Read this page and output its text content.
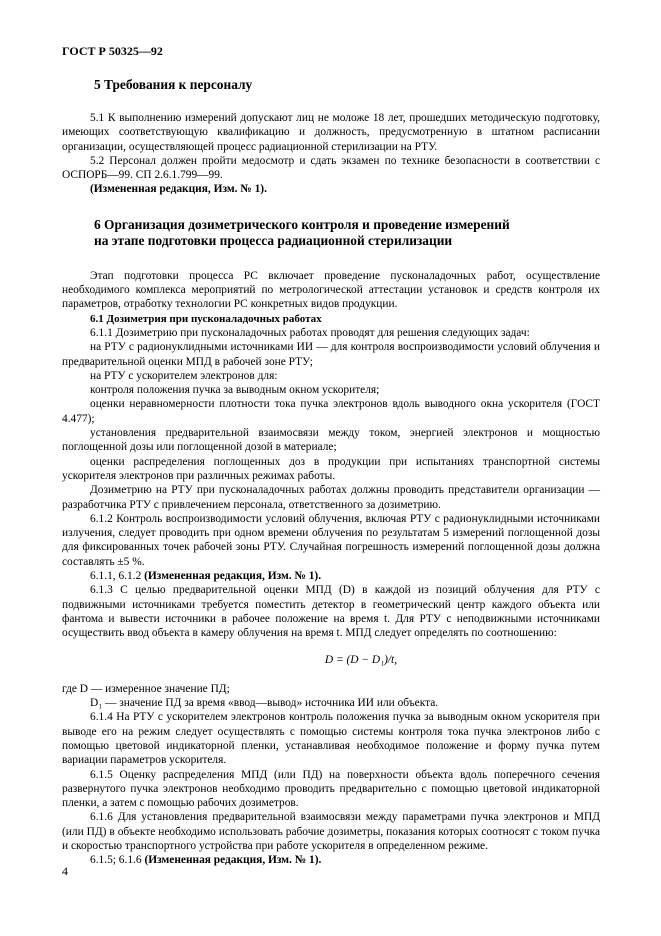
ГОСТ Р 50325—92
5 Требования к персоналу

5.1 К выполнению измерений допускают лиц не моложе 18 лет, прошедших методическую подготовку, имеющих соответствующую квалификацию и должность, предусмотренную в штатном расписании организации, осуществляющей процесс радиационной стерилизации на РТУ.

5.2 Персонал должен пройти медосмотр и сдать экзамен по технике безопасности в соответствии с ОСПОРБ—99. СП 2.6.1.799—99.

(Измененная редакция, Изм. № 1).

6 Организация дозиметрического контроля и проведение измерений
на этапе подготовки процесса радиационной стерилизации

Этап подготовки процесса РС включает проведение пусконаладочных работ, осуществление необходимого комплекса мероприятий по метрологической аттестации установок и средств контроля их параметров, отработку технологии РС конкретных видов продукции.

6.1 Дозиметрия при пусконаладочных работах

6.1.1 Дозиметрию при пусконаладочных работах проводят для решения следующих задач:

на РТУ с радионуклидными источниками ИИ — для контроля воспроизводимости условий облучения и предварительной оценки МПД в рабочей зоне РТУ;

на РТУ с ускорителем электронов для:

контроля положения пучка за выводным окном ускорителя;

оценки неравномерности плотности тока пучка электронов вдоль выводного окна ускорителя (ГОСТ 4.477);

установления предварительной взаимосвязи между током, энергией электронов и мощностью поглощенной дозы или поглощенной дозой в материале;

оценки распределения поглощенных доз в продукции при испытаниях транспортной системы ускорителя электронов при различных режимах работы.

Дозиметрию на РТУ при пусконаладочных работах должны проводить представители организации — разработчика РТУ с привлечением персонала, ответственного за дозиметрию.

6.1.2 Контроль воспроизводимости условий облучения, включая РТУ с радионуклидными источниками излучения, следует проводить при одном времени облучения по результатам 5 измерений поглощенной дозы для фиксированных точек рабочей зоны РТУ. Случайная погрешность измерений поглощенной дозы должна составлять ±5 %.

6.1.1, 6.1.2 (Измененная редакция, Изм. № 1).

6.1.3 С целью предварительной оценки МПД (D) в каждой из позиций облучения для РТУ с подвижными источниками требуется поместить детектор в геометрический центр каждого объекта или фантома и вывести источники в рабочее положение на время t. Для РТУ с неподвижными источниками осуществить ввод объекта в камеру облучения на время t. МПД следует определять по соотношению:

D = (D − D₁)/t,

где D — измеренное значение ПД;

D₁ — значение ПД за время «ввод—вывод» источника ИИ или объекта.

6.1.4 На РТУ с ускорителем электронов контроль положения пучка за выводным окном ускорителя при выводе его на режим следует осуществлять с помощью системы контроля тока пучка электронов либо с помощью цветовой индикаторной пленки, устанавливая необходимое положение и форму пучка путем вариации параметров ускорителя.

6.1.5 Оценку распределения МПД (или ПД) на поверхности объекта вдоль поперечного сечения развернутого пучка электронов необходимо проводить предварительно с помощью цветовой индикаторной пленки, а затем с помощью рабочих дозиметров.

6.1.6 Для установления предварительной взаимосвязи между параметрами пучка электронов и МПД (или ПД) в объекте необходимо использовать рабочие дозиметры, показания которых соотносят с током пучка и скоростью транспортного устройства при работе ускорителя в определенном режиме.

6.1.5; 6.1.6 (Измененная редакция, Изм. № 1).

4
